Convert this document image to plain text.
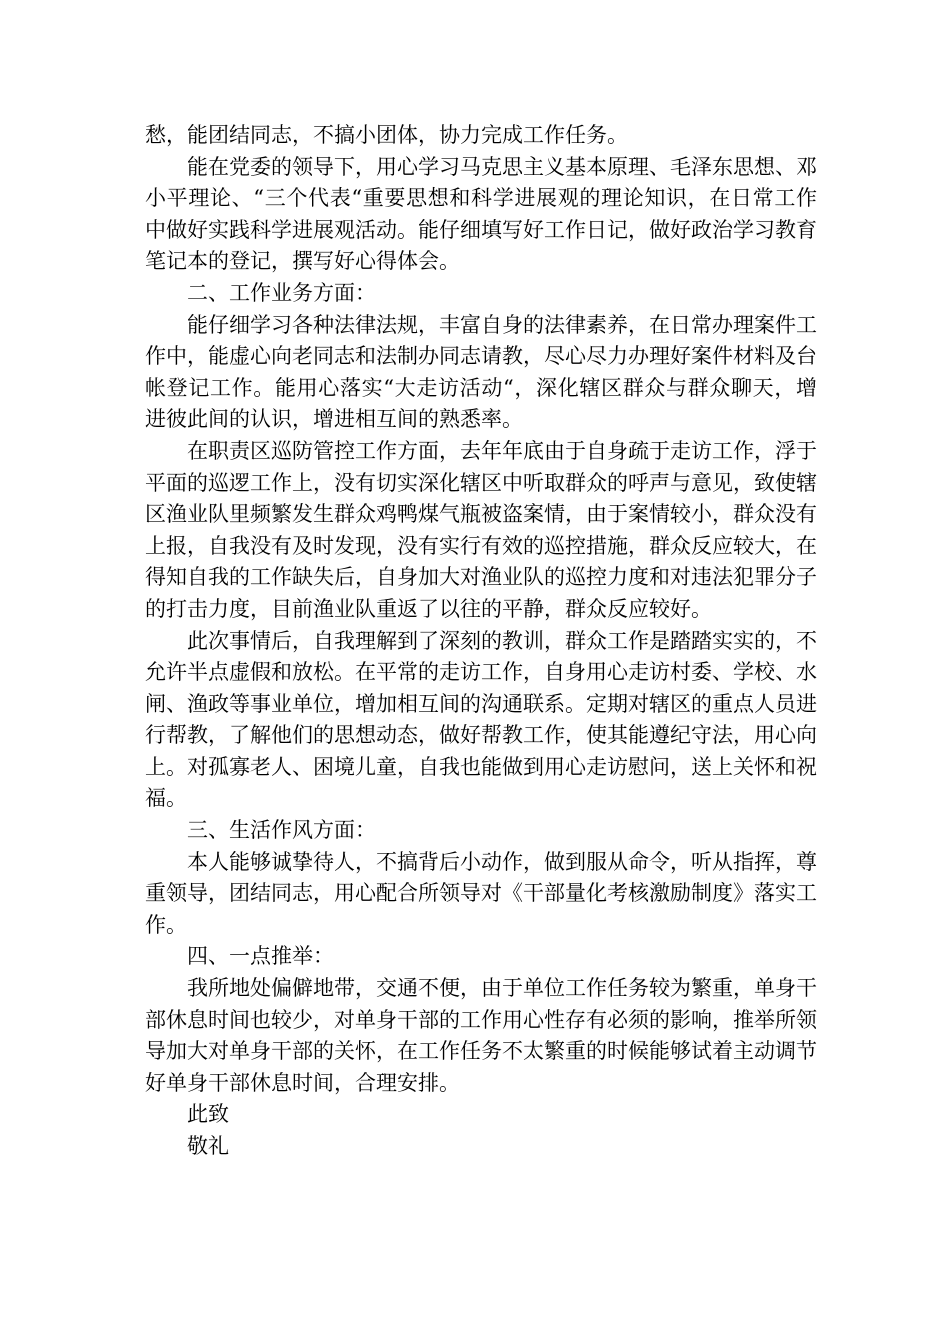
愁，能团结同志，不搞小团体，协力完成工作任务。

能在党委的领导下，用心学习马克思主义基本原理、毛泽东思想、邓小平理论、“三个代表“重要思想和科学进展观的理论知识，在日常工作中做好实践科学进展观活动。能仔细填写好工作日记，做好政治学习教育笔记本的登记，撰写好心得体会。

二、工作业务方面：

能仔细学习各种法律法规，丰富自身的法律素养，在日常办理案件工作中，能虚心向老同志和法制办同志请教，尽心尽力办理好案件材料及台帐登记工作。能用心落实“大走访活动“，深化辖区群众与群众聊天，增进彼此间的认识，增进相互间的熟悉率。

在职责区巡防管控工作方面，去年年底由于自身疏于走访工作，浮于平面的巡逻工作上，没有切实深化辖区中听取群众的呼声与意见，致使辖区渔业队里频繁发生群众鸡鸭煤气瓶被盗案情，由于案情较小，群众没有上报，自我没有及时发现，没有实行有效的巡控措施，群众反应较大，在得知自我的工作缺失后，自身加大对渔业队的巡控力度和对违法犯罪分子的打击力度，目前渔业队重返了以往的平静，群众反应较好。

此次事情后，自我理解到了深刻的教训，群众工作是踏踏实实的，不允许半点虚假和放松。在平常的走访工作，自身用心走访村委、学校、水闸、渔政等事业单位，增加相互间的沟通联系。定期对辖区的重点人员进行帮教，了解他们的思想动态，做好帮教工作，使其能遵纪守法，用心向上。对孤寡老人、困境儿童，自我也能做到用心走访慰问，送上关怀和祝福。

三、生活作风方面：

本人能够诚挚待人，不搞背后小动作，做到服从命令，听从指挥，尊重领导，团结同志，用心配合所领导对《干部量化考核激励制度》落实工作。

四、一点推举：

我所地处偏僻地带，交通不便，由于单位工作任务较为繁重，单身干部休息时间也较少，对单身干部的工作用心性存有必须的影响，推举所领导加大对单身干部的关怀，在工作任务不太繁重的时候能够试着主动调节好单身干部休息时间，合理安排。

此致

敬礼
